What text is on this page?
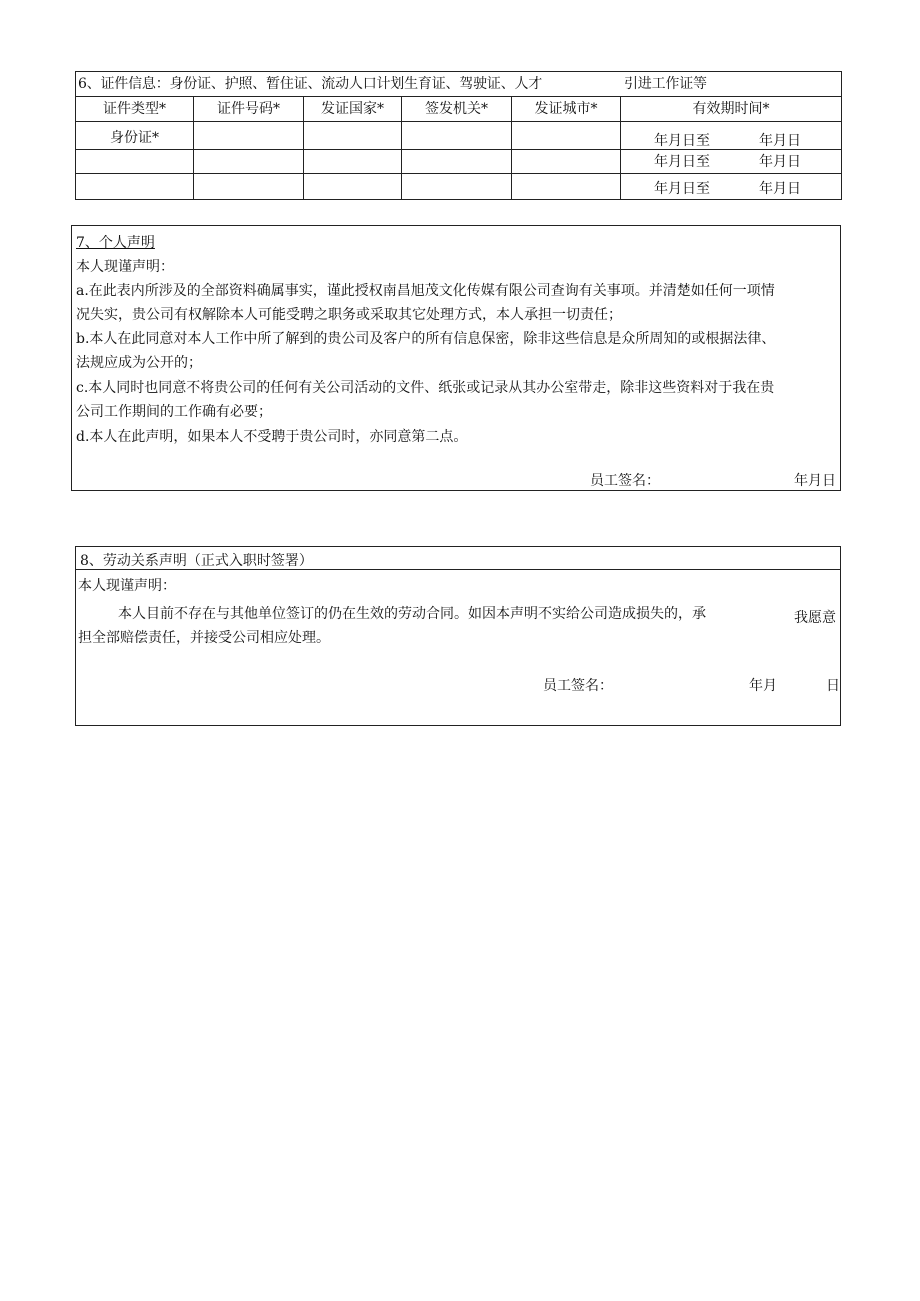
6、证件信息：身份证、护照、暂住证、流动人口计划生育证、驾驶证、人才 引进工作证等					
证件类型*	证件号码*	发证国家*	签发机关*	发证城市*	有效期时间*
身份证*					年月日至 年月日

					年月日至 年月日

					年月日至 年月日
7、个人声明
本人现谨声明：
a.在此表内所涉及的全部资料确属事实，谨此授权南昌旭茂文化传媒有限公司查询有关事项。并清楚如任何一项情
况失实，贵公司有权解除本人可能受聘之职务或采取其它处理方式，本人承担一切责任；
b.本人在此同意对本人工作中所了解到的贵公司及客户的所有信息保密，除非这些信息是众所周知的或根据法律、
法规应成为公开的；
c.本人同时也同意不将贵公司的任何有关公司活动的文件、纸张或记录从其办公室带走，除非这些资料对于我在贵
公司工作期间的工作确有必要；
d.本人在此声明，如果本人不受聘于贵公司时，亦同意第二点。
员工签名：	年月日
8、劳动关系声明（正式入职时签署）
本人现谨声明：
本人目前不存在与其他单位签订的仍在生效的劳动合同。如因本声明不实给公司造成损失的，承	我愿意
担全部赔偿责任，并接受公司相应处理。
员工签名：	年月	日
